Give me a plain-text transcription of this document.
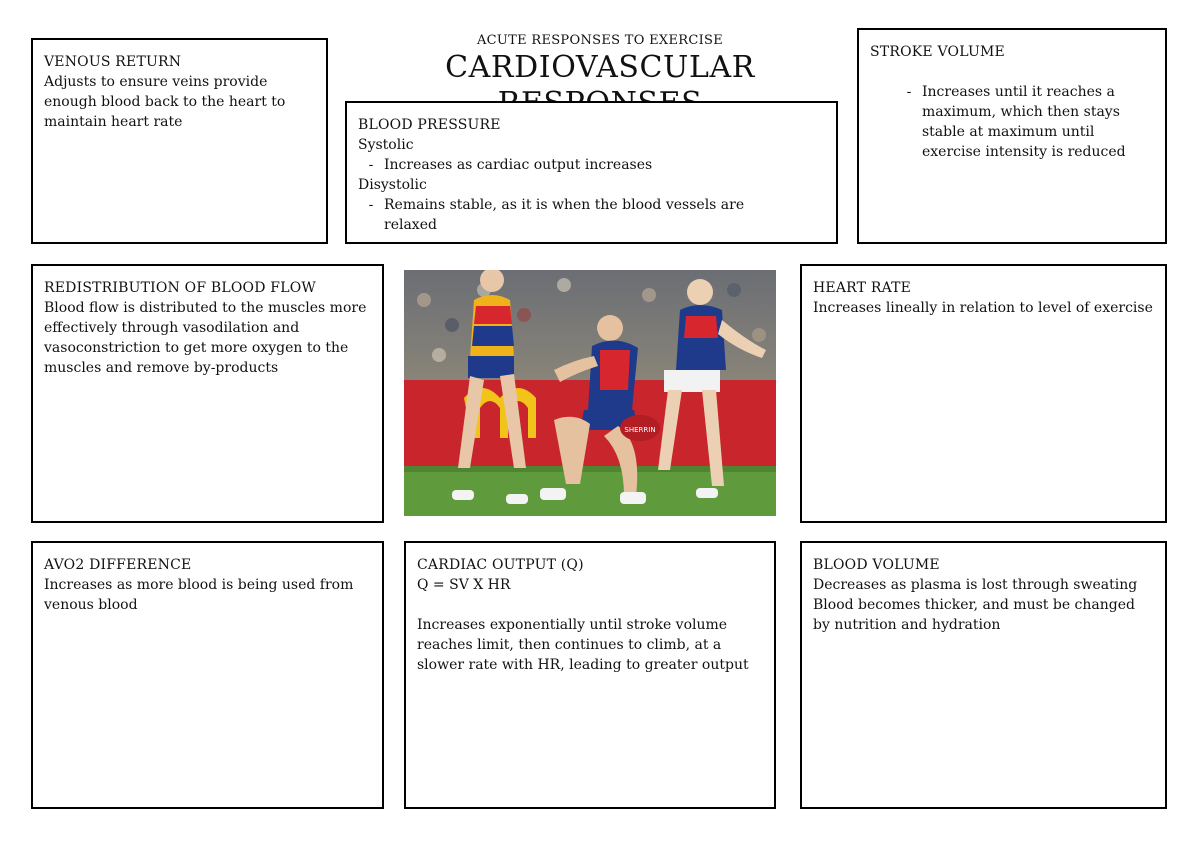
ACUTE RESPONSES TO EXERCISE
CARDIOVASCULAR
VENOUS RETURN
Adjusts to ensure veins provide enough blood back to the heart to maintain heart rate	BLOOD PRESSURE
Systolic
- Increases as cardiac output increases
Disystolic
- Remains stable, as it is when the blood vessels are relaxed
STROKE VOLUME
- Increases until it reaches a maximum, which then stays stable at maximum until exercise intensity is reduced
REDISTRIBUTION OF BLOOD FLOW
Blood flow is distributed to the muscles more effectively through vasodilation and vasoconstriction to get more oxygen to the muscles and remove by-products
SHERRIN
HEART RATE
Increases lineally in relation to level of exercise
AVO2 DIFFERENCE
Increases as more blood is being used from venous blood
CARDIAC OUTPUT (Q)
Q = SV X HR
Increases exponentially until stroke volume reaches limit, then continues to climb, at a slower rate with HR, leading to greater output
BLOOD VOLUME
Decreases as plasma is lost through sweating
Blood becomes thicker, and must be changed by nutrition and hydration
